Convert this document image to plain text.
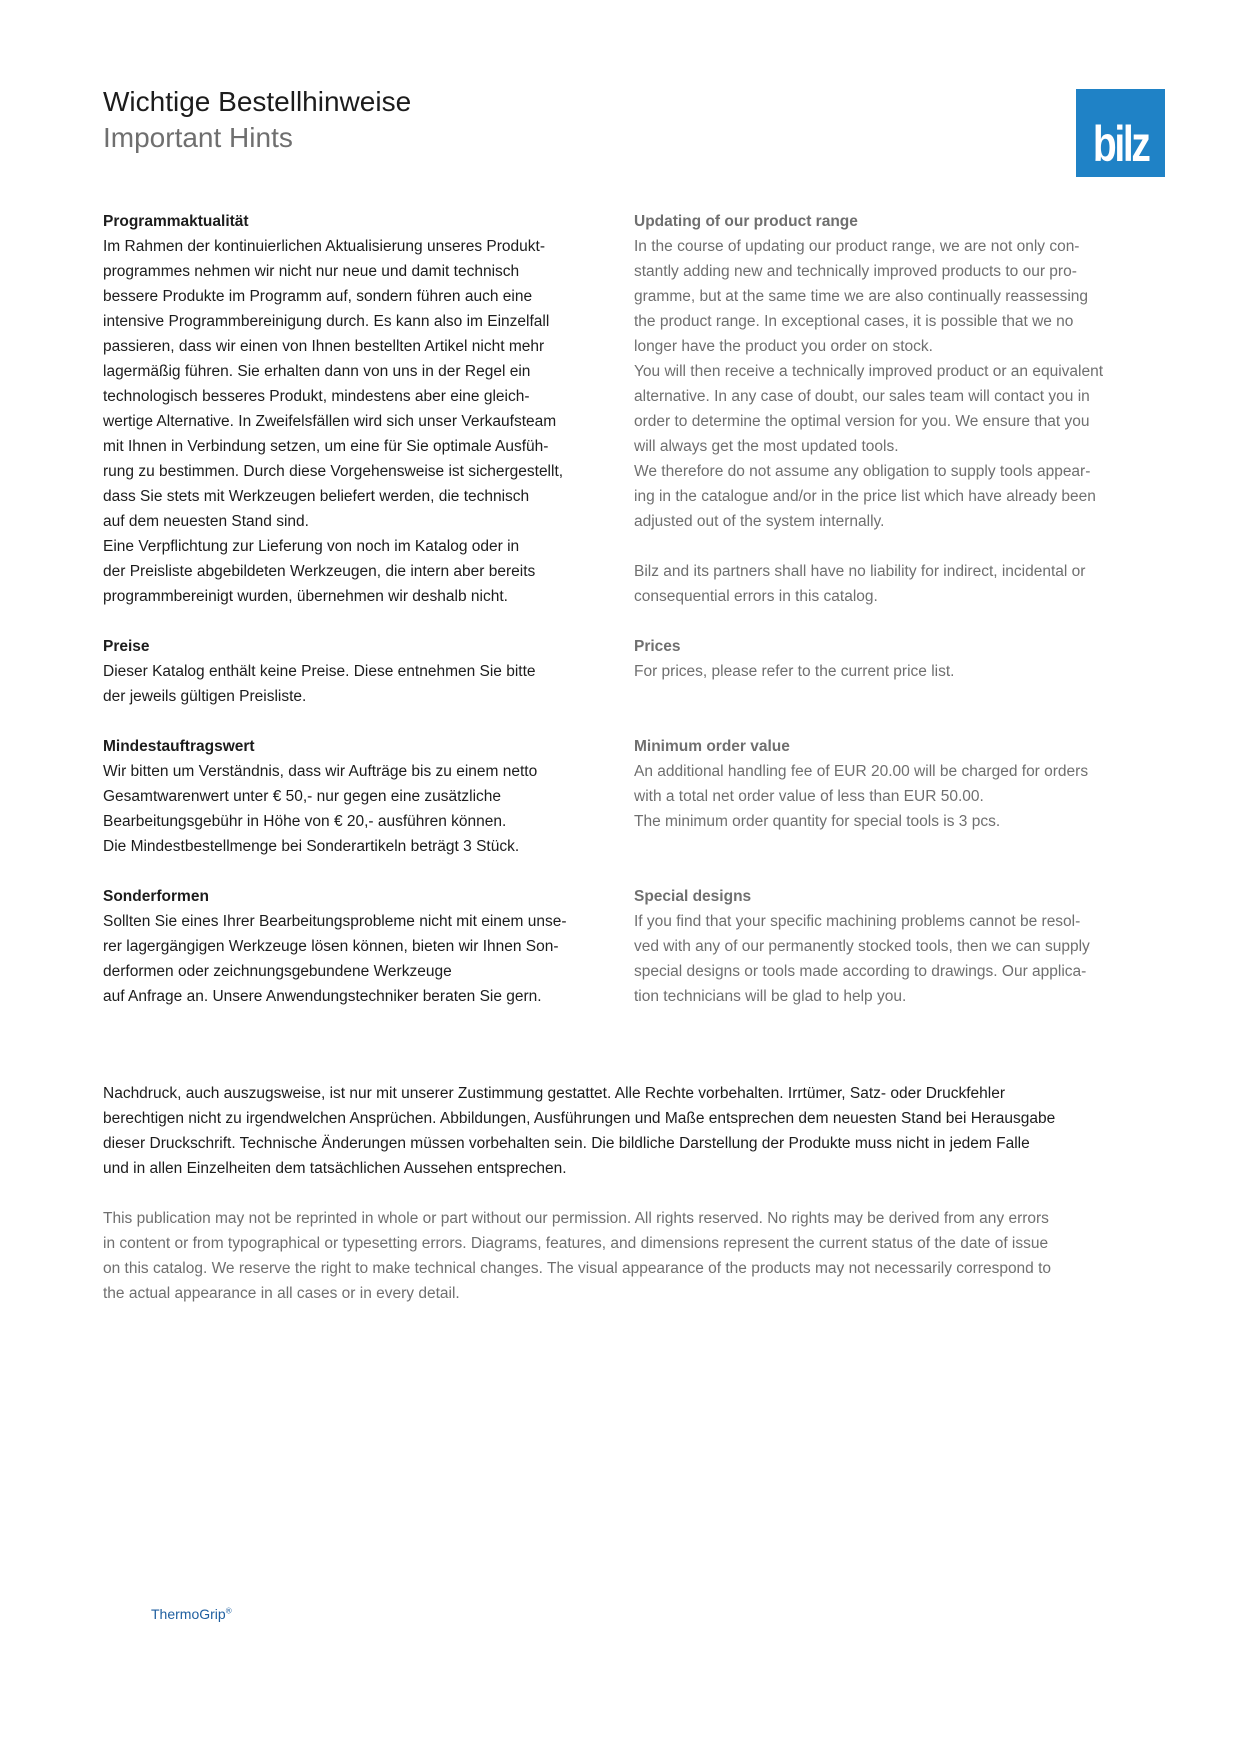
Wichtige Bestellhinweise
Important Hints	bilz
Programmaktualität

Im Rahmen der kontinuierlichen Aktualisierung unseres Produkt-
programmes nehmen wir nicht nur neue und damit technisch
bessere Produkte im Programm auf, sondern führen auch eine
intensive Programmbereinigung durch. Es kann also im Einzelfall
passieren, dass wir einen von Ihnen bestellten Artikel nicht mehr
lagermäßig führen. Sie erhalten dann von uns in der Regel ein
technologisch besseres Produkt, mindestens aber eine gleich-
wertige Alternative. In Zweifelsfällen wird sich unser Verkaufsteam
mit Ihnen in Verbindung setzen, um eine für Sie optimale Ausfüh-
rung zu bestimmen. Durch diese Vorgehensweise ist sichergestellt,
dass Sie stets mit Werkzeugen beliefert werden, die technisch
auf dem neuesten Stand sind.
Eine Verpflichtung zur Lieferung von noch im Katalog oder in
der Preisliste abgebildeten Werkzeugen, die intern aber bereits
programmbereinigt wurden, übernehmen wir deshalb nicht.

Preise

Dieser Katalog enthält keine Preise. Diese entnehmen Sie bitte
der jeweils gültigen Preisliste.

Mindestauftragswert

Wir bitten um Verständnis, dass wir Aufträge bis zu einem netto
Gesamtwarenwert unter € 50,- nur gegen eine zusätzliche
Bearbeitungsgebühr in Höhe von € 20,- ausführen können.
Die Mindestbestellmenge bei Sonderartikeln beträgt 3 Stück.

Sonderformen

Sollten Sie eines Ihrer Bearbeitungsprobleme nicht mit einem unse-
rer lagergängigen Werkzeuge lösen können, bieten wir Ihnen Son-
derformen oder zeichnungsgebundene Werkzeuge
auf Anfrage an. Unsere Anwendungstechniker beraten Sie gern.

Updating of our product range

In the course of updating our product range, we are not only con-
stantly adding new and technically improved products to our pro-
gramme, but at the same time we are also continually reassessing
the product range. In exceptional cases, it is possible that we no
longer have the product you order on stock.
You will then receive a technically improved product or an equivalent
alternative. In any case of doubt, our sales team will contact you in
order to determine the optimal version for you. We ensure that you
will always get the most updated tools.
We therefore do not assume any obligation to supply tools appear-
ing in the catalogue and/or in the price list which have already been
adjusted out of the system internally.

Bilz and its partners shall have no liability for indirect, incidental or
consequential errors in this catalog.

Prices

For prices, please refer to the current price list.

Minimum order value

An additional handling fee of EUR 20.00 will be charged for orders
with a total net order value of less than EUR 50.00.
The minimum order quantity for special tools is 3 pcs.

Special designs

If you find that your specific machining problems cannot be resol-
ved with any of our permanently stocked tools, then we can supply
special designs or tools made according to drawings. Our applica-
tion technicians will be glad to help you.

Nachdruck, auch auszugsweise, ist nur mit unserer Zustimmung gestattet. Alle Rechte vorbehalten. Irrtümer, Satz- oder Druckfehler
berechtigen nicht zu irgendwelchen Ansprüchen. Abbildungen, Ausführungen und Maße entsprechen dem neuesten Stand bei Herausgabe
dieser Druckschrift. Technische Änderungen müssen vorbehalten sein. Die bildliche Darstellung der Produkte muss nicht in jedem Falle
und in allen Einzelheiten dem tatsächlichen Aussehen entsprechen.
This publication may not be reprinted in whole or part without our permission. All rights reserved. No rights may be derived from any errors
in content or from typographical or typesetting errors. Diagrams, features, and dimensions represent the current status of the date of issue
on this catalog. We reserve the right to make technical changes. The visual appearance of the products may not necessarily correspond to
the actual appearance in all cases or in every detail.
ThermoGrip®
